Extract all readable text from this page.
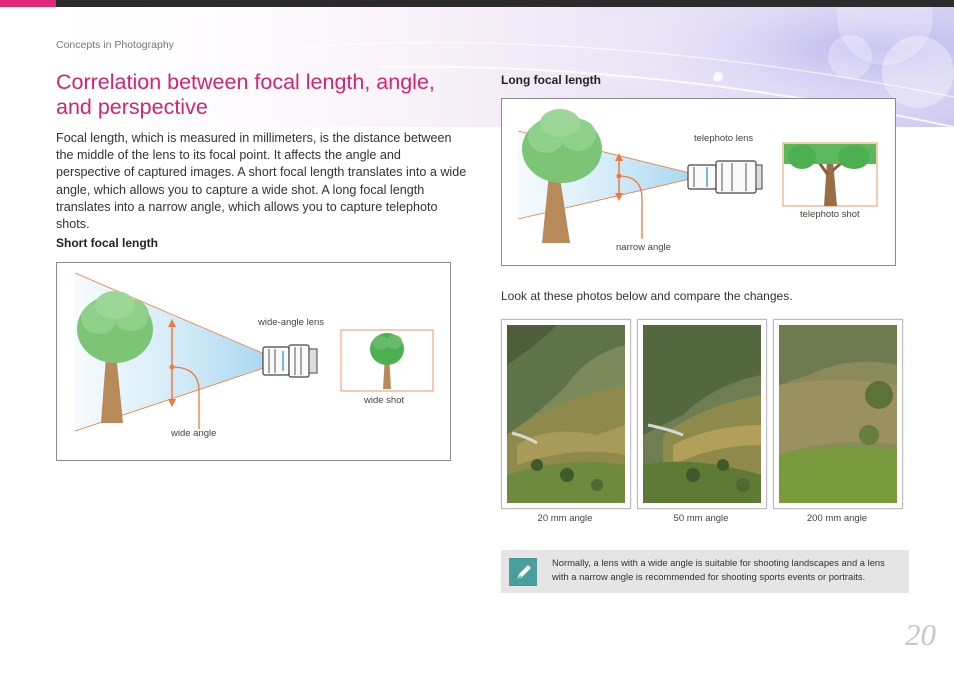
Concepts in Photography
Correlation between focal length, angle, and perspective
Focal length, which is measured in millimeters, is the distance between the middle of the lens to its focal point. It affects the angle and perspective of captured images. A short focal length translates into a wide angle, which allows you to capture a wide shot. A long focal length translates into a narrow angle, which allows you to capture telephoto shots.
Short focal length
wide-angle lens
wide shot
wide angle
Long focal length
telephoto lens
telephoto shot
narrow angle
Look at these photos below and compare the changes.
20 mm angle	50 mm angle	200 mm angle
Normally, a lens with a wide angle is suitable for shooting landscapes and a lens with a narrow angle is recommended for shooting sports events or portraits.
20
